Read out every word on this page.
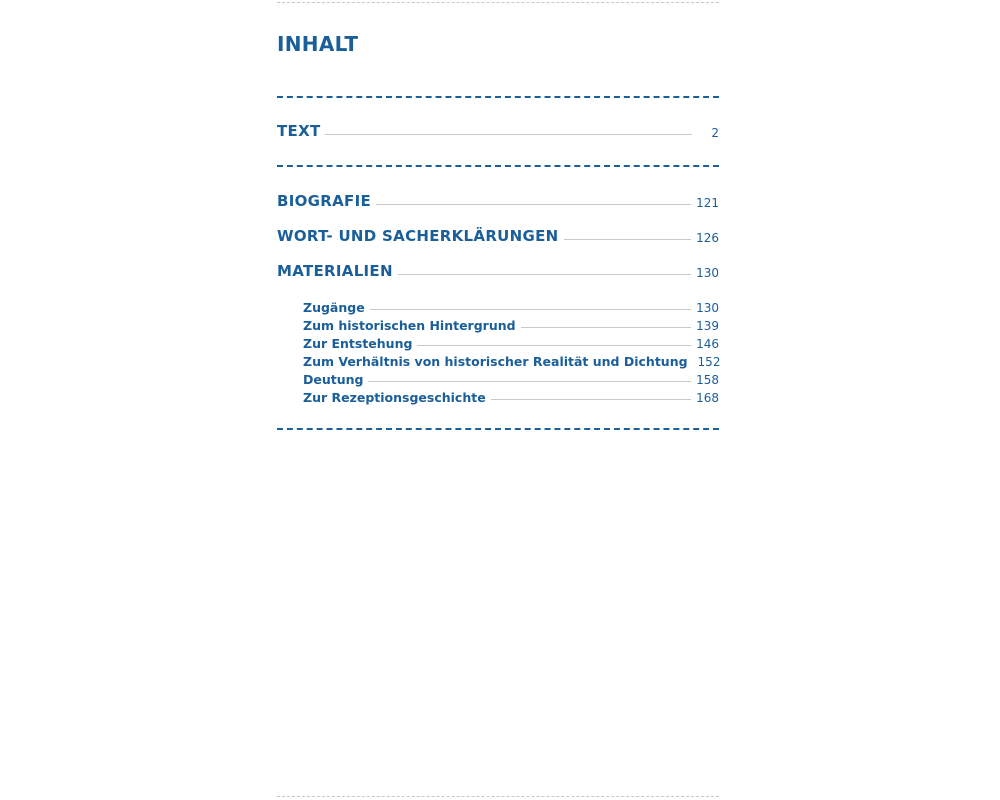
INHALT
TEXT	2
BIOGRAFIE	121
WORT- UND SACHERKLÄRUNGEN	126
MATERIALIEN	130
Zugänge	130
Zum historischen Hintergrund	139
Zur Entstehung	146
Zum Verhältnis von historischer Realität und Dichtung 152
Deutung	158
Zur Rezeptionsgeschichte	168
